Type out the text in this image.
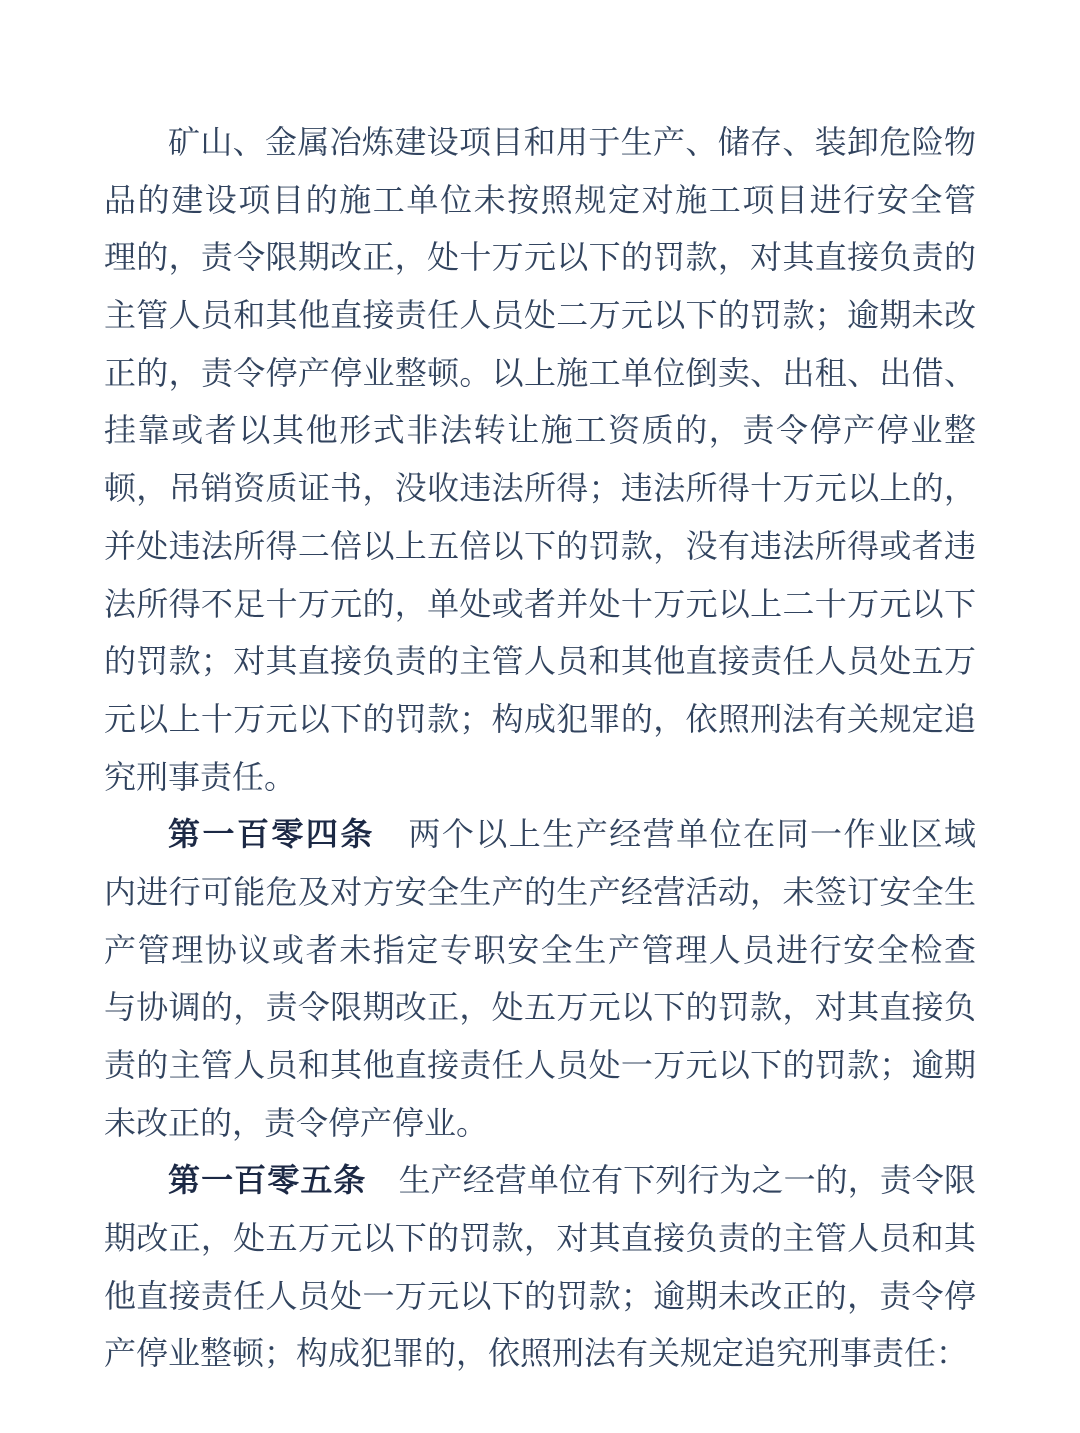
矿山、金属冶炼建设项目和用于生产、储存、装卸危险物
品的建设项目的施工单位未按照规定对施工项目进行安全管
理的，责令限期改正，处十万元以下的罚款，对其直接负责的
主管人员和其他直接责任人员处二万元以下的罚款；逾期未改
正的，责令停产停业整顿。以上施工单位倒卖、出租、出借、
挂靠或者以其他形式非法转让施工资质的，责令停产停业整
顿，吊销资质证书，没收违法所得；违法所得十万元以上的，
并处违法所得二倍以上五倍以下的罚款，没有违法所得或者违
法所得不足十万元的，单处或者并处十万元以上二十万元以下
的罚款；对其直接负责的主管人员和其他直接责任人员处五万
元以上十万元以下的罚款；构成犯罪的，依照刑法有关规定追
究刑事责任。
第一百零四条　 两个以上生产经营单位在同一作业区域
内进行可能危及对方安全生产的生产经营活动，未签订安全生
产管理协议或者未指定专职安全生产管理人员进行安全检查
与协调的，责令限期改正，处五万元以下的罚款，对其直接负
责的主管人员和其他直接责任人员处一万元以下的罚款；逾期
未改正的，责令停产停业。
第一百零五条　 生产经营单位有下列行为之一的，责令限
期改正，处五万元以下的罚款，对其直接负责的主管人员和其
他直接责任人员处一万元以下的罚款；逾期未改正的，责令停
产停业整顿；构成犯罪的，依照刑法有关规定追究刑事责任：
